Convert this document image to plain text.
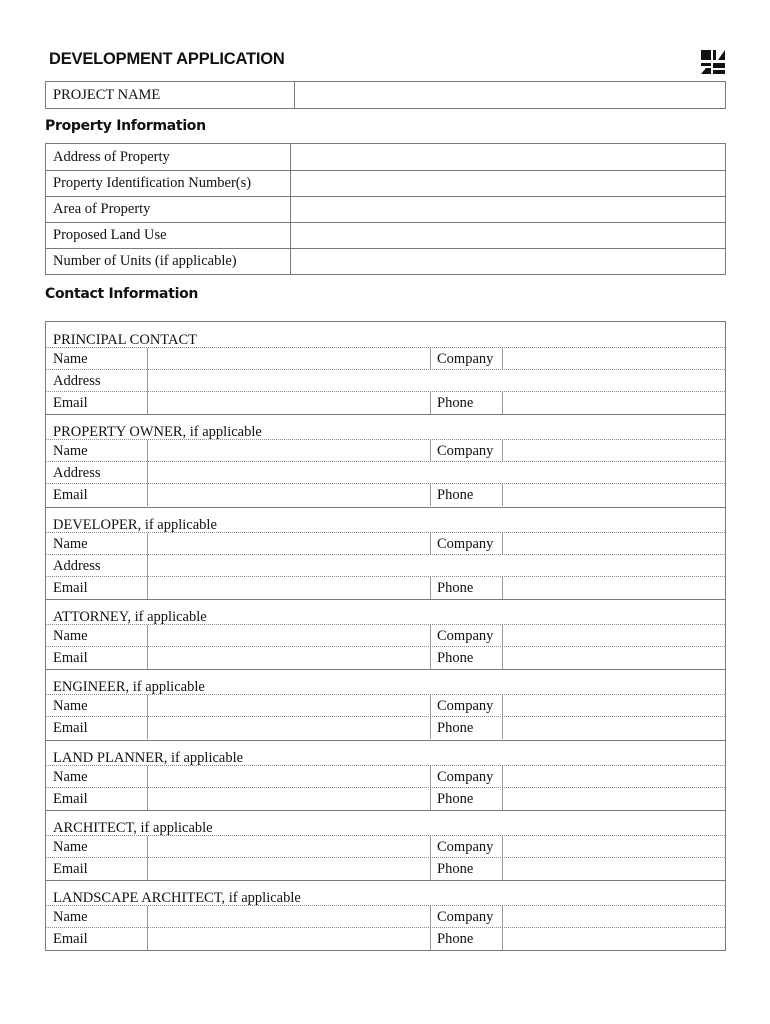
DEVELOPMENT APPLICATION
PROJECT NAME	
Property Information
Address of Property	
Property Identification Number(s)	
Area of Property	
Proposed Land Use	
Number of Units (if applicable)	
Contact Information
PRINCIPAL CONTACT
Name	Company
Address
Email	Phone
PROPERTY OWNER, if applicable
Name	Company
Address
Email	Phone
DEVELOPER, if applicable
Name	Company
Address
Email	Phone
ATTORNEY, if applicable
Name	Company
Email	Phone
ENGINEER, if applicable
Name	Company
Email	Phone
LAND PLANNER, if applicable
Name	Company
Email	Phone
ARCHITECT, if applicable
Name	Company
Email	Phone
LANDSCAPE ARCHITECT, if applicable
Name	Company
Email	Phone
